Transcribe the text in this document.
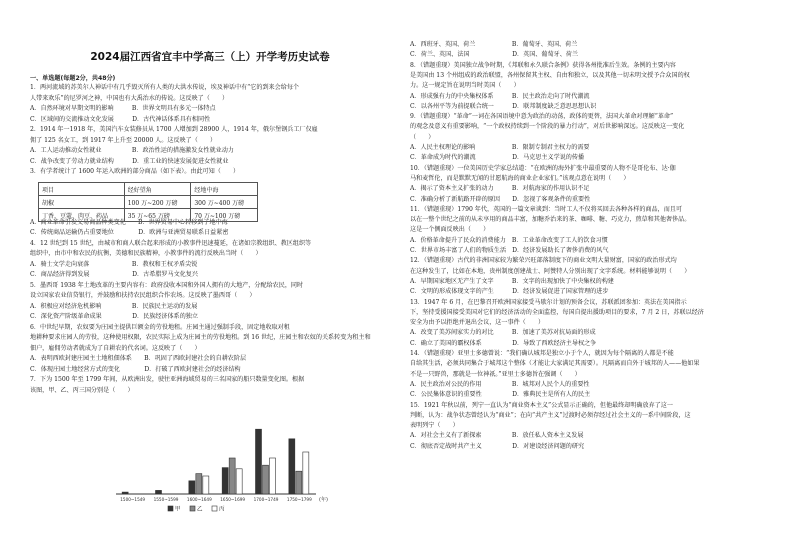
2024届江西省宜丰中学高三（上）开学考历史试卷
一、单选题(每题2分，共48分)
1．两河流域的苏美尔人神话中有几乎毁灭所有人类的大洪水传说，埃及神话中有“它的到来会给每个
人带来欢乐”的尼罗河之神，中国也有大禹治水的传说。这反映了（　　）
A．自然环境对早期文明的影响　　　B．世界文明具有多元一体特点
C．区域间的交流推动文化发展　　　D．古代神话体系具有相同性
2．1914 年一1918 年，美国汽车女装修员从 1700 人增加到 28900 人，1914 年，俄尔堡钢兵工厂仅雇
佣了 125 名女工，到 1917 年上升至 20000 人。这反映了（　　）
A．工人运动推动女性就业　　　　　B．政治性运的措施激发女性就业动力
C．战争改变了劳动力就业结构　　　D．重工业的快速发展促进女性就业
3．有学者统计了 1600 年运入欧洲的部分商品（如下表）。由此可知（　　）
A．商业革命引发交易商品种类变化　　B．世界贸易中心转移到了地中海
C．传统商品运输仍占重要地位　　　　D．欧洲与亚洲贸易联系日益紧密
4．12 世纪到 15 世纪，由城市和商人联合起来形成的小教事件迅速蔓延，在诸如宗教组织、教区组织等
组织中，由市中和农民的抗衡，美德和民族精神，小教事件的流行反映出当时（　　）
A．骑士文学走向衰落　　　　　　　B．教权和王权矛盾尖锐
C．商品经济得到发展　　　　　　　D．古希腊罗马文化复兴
5．墨西哥 1938 年土地改革的主要内容有：政府没收本国和外国人拥有的大地产，分配给农民，同时
设立国家农业信贷银行，并鼓励和扶持农民组织合作农场。这反映了墨西哥（　　）
A．积极应对经济危机影响　　　　　B．民族民主运动的发展
C．深化资产阶级革命成果　　　　　D．民族经济体系的独立
6．中世纪早期，农奴要为庄园主提供巨额金的劳役地租。庄园主通过强制手段，固定地收取对租
地耕种要求庄园人的劳役，这种使用权限，农民实际上成为庄园主的劳役地租。到 16 世纪，庄园主和农奴的关系转变为租主和
佃户，雇佣劳动者就成为了自耕农的代名词。这反映了（　　）
A．表明西欧封建庄园主土地租佃体系　　B．巩固了西欧封建社会的自耕农阶层
C．体现庄园土地经营方式的变化　　　　D．打破了西欧封建社会的经济结构
7．下为 1500 年至 1799 年间，从欧洲出发，驶往亚洲海域贸易的三名国家的船只数量变化图。根据
该图，甲、乙、丙三国分别是（　　）
项目	经好望角	经地中海
胡椒	100 万~200 万磅	300 万~400 万磅
丁香、豆蔻、肉豆、药品	35 万~65 万磅	70 万~100 万磅
1500~1549 1550~1599 1600~1649 1650~1699 1700~1749 1750~1799 (年)
甲	乙	丙
A．西班牙、英国、荷兰　　　　　　B．葡萄牙、英国、荷兰
C．荷兰、英国、法国　　　　　　　D．英国、葡萄牙、荷兰
8．（错题重现）美国独立战争时期，《邦联和永久联合条例》获得各州批准后生效。条例的主要内容
是美国由 13 个州组成的政治联盟，各州保留其主权、自由和独立，以及其他一切未明文授予合众国的权
力。这一规定旨在说明当时美国（　　）
A．形成强有力的中央集权体系　　　B．民主政治走向了时代潮流
C．以各州平等为前提联合统一　　　D．联邦制度缺乏意思思想认识
9．（错题重现）“革命”一词在各国语境中意为政治的动荡，政体的更替，法国大革命对理解“革命”
的观念及意义有重要影响，“一个政权持续到一个阶段的暴力行动”，对后世影响深远。这反映这一变化
（　　）
A．人民主权理论的影响　　　　　　B．限制专制君主权力的需要
C．革命成为时代的潮流　　　　　　D．马克思主义学说的传播
10．（错题重现）一位美国历史学家总结道：“在欧洲的海外扩张中最重要的人物不是哥伦布、达·伽
马和麦哲伦，而是默默无闻的甘愿航海的商业企业家们。”该观点意在说明（　　）
A．揭示了资本主义扩张的动力　　　B．对航海家的作用认识不足
C．准确分析了新航路开辟的原因　　D．忽视了客观条件的重要性
11．（错题重现）1790 年代，英国的一篇文章谈到：当时工人不仅将买回去各种各样的商品，而且可
以在一整个世纪之前的从未享用的商品丰富，加糖乔治来的茶、咖啡、糖、巧克力，煎草和其他奢侈品。
这是一个侧面反映出（　　）
A．价格革命提升了民众的消费能力　B．工业革命改变了工人的饮食习惯
C．世界市场丰富了人们的物质生活　D．经济发展助长了奢侈消费的风气
12．（错题重现）古代的非洲国家较为繁荣兴旺部落制度下的商业文明大量财富，国家的政治形式均
在这种发生了，比如在本地，贵州制度创建战士、阿赞特人分别出现了文字系统。材料能够说明（　　）
A．早期国家地区无产生了文字　　　B．文字的出现加快了中央集权的构建
C．文明的形成体现文字的产生　　　D．经济发展促进了国家管理的进步
13．1947 年 6 月，在巴黎召开欧洲国家接受马歇尔计划的预备会议，苏联派团参加：英法在美国指示
下，坚持受援国接受美国对它们的经济活动的全面监控，每国自提出援助项目的要求，7 月 2 日，苏联以经济
安全为由予以拒绝并退出会议，这一事件（　　）
A．改变了美苏间家实力的对比　　　B．加速了美苏对抗局面的形成
C．确立了美国的霸权体系　　　　　D．导致了西欧经济主导权之争
14．（错题重现）亚里士多德曾说：“我们确认城邦是独立小于个人，就因为每个隔离的人都是不能
自给其生活，必须共同集合于城邦这个整体（才能让大家满足其需要）。凡隔离而自外于城邦的人——他如果
不是一只野兽，那就是一位神祇。”亚里士多德旨在强调（　　）
A．民主政治对公民的作用　　　　　B．城邦对人民个人的重要性
C．公民集体意识的重要性　　　　　D．雅典民主是所有人的民主
15．1921 年秋以前，列宁一直认为“商业资本主义”公式显示正确的，但他最终却明确放弃了这一
判断，认为：战争状态曾经认为“商业”；在向“共产主义”过渡时必须存经过社会主义的一系中间阶段，这
表明列宁（　　）
A．对社会主义有了新探索　　　　　B．放任私人资本主义发展
C．彻底否定战时共产主义　　　　　D．对建设经济问题的研究
